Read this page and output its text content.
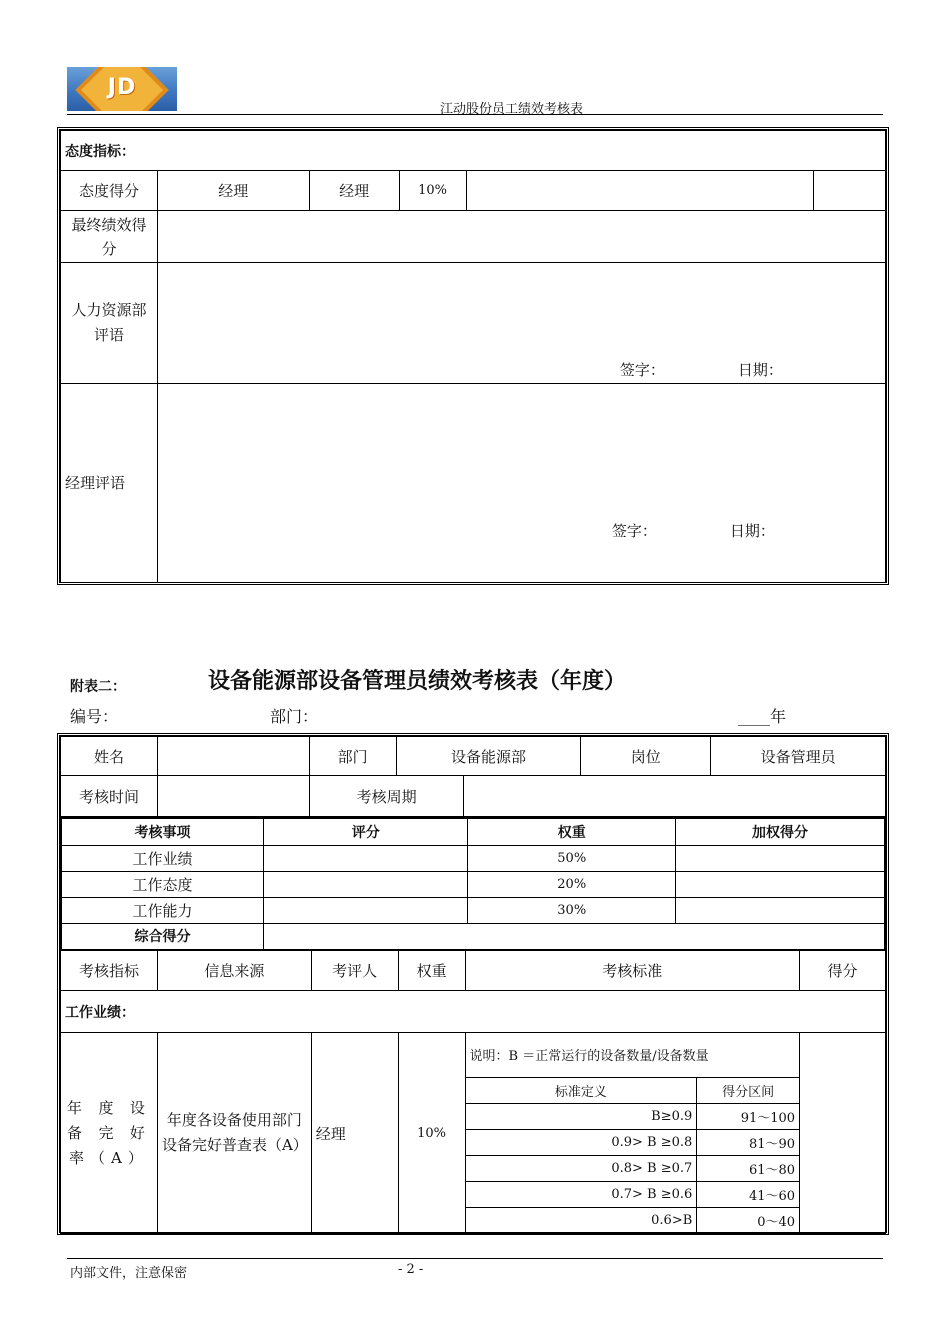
JD
江动股份员工绩效考核表
态度指标：					
态度得分	经理	经理	10%		
最终绩效得分					
人力资源部评语	签字： 日期：				

经理评语	签字： 日期：				
附表二：	设备能源部设备管理员绩效考核表（年度）
编号：	部门：	____年
姓名		部门	设备能源部		岗位	设备管理员
考核时间		考核周期				
考核事项	评分	权重	加权得分
工作业绩		50%	
工作态度		20%	
工作能力		30%	
综合得分			
考核指标	信息来源	考评人	权重	考核标准	得分
工作业绩：
年度设备完好率（A）	年度各设备使用部门设备完好普查表（A）	经理	10%	
说明：B ＝正常运行的设备数量/设备数量
标准定义	得分区间
B≥0.9	91～100
0.9> B ≥0.8	81～90
0.8> B ≥0.7	61～80
0.7> B ≥0.6	41～60
0.6>B	0～40

内部文件，注意保密	- 2 -
